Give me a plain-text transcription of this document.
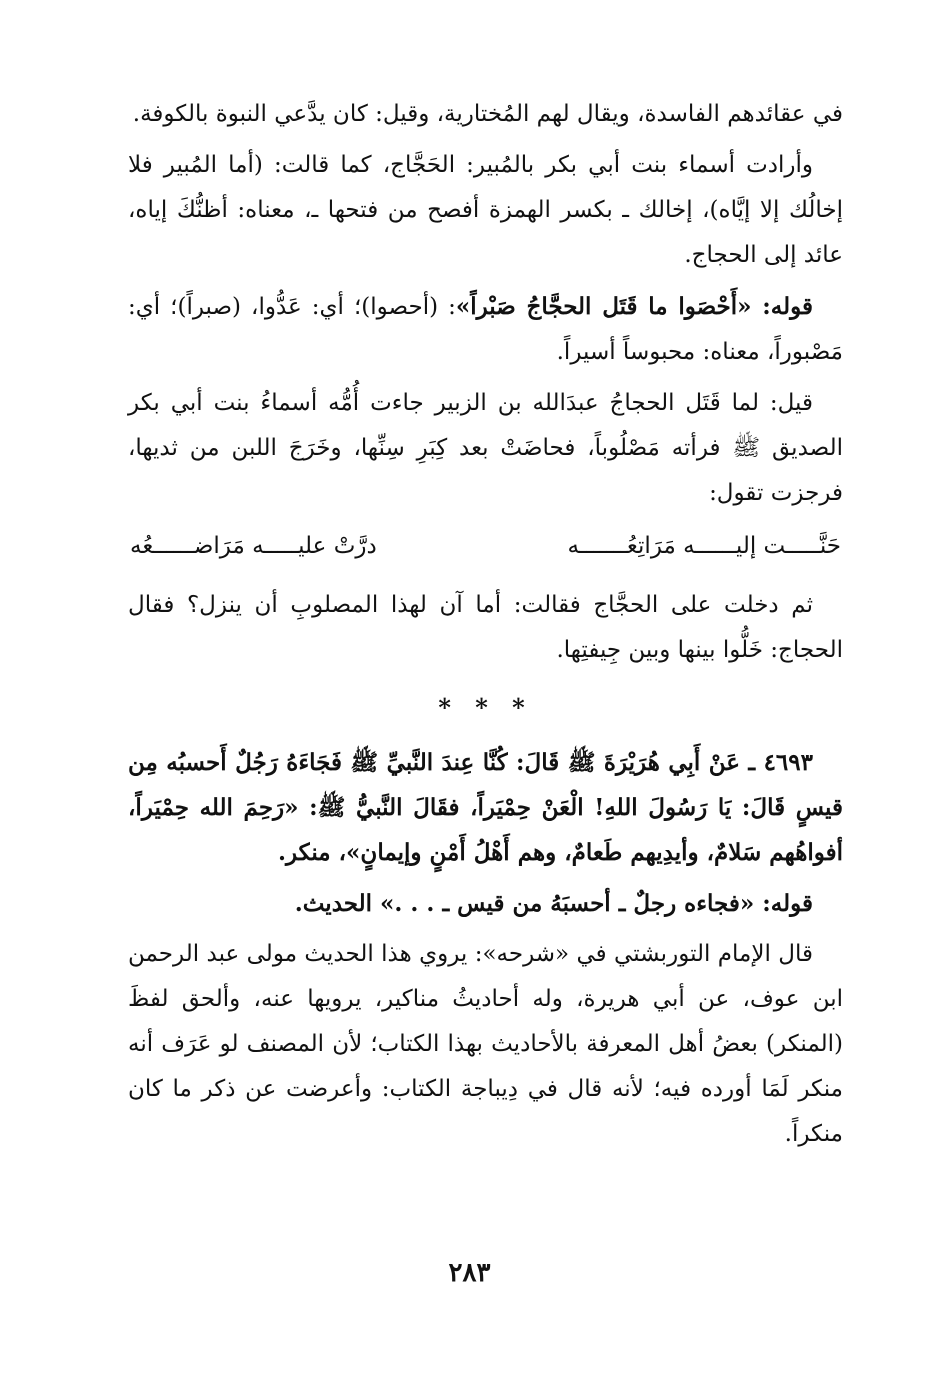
في عقائدهم الفاسدة، ويقال لهم المُختارية، وقيل: كان يدَّعي النبوة بالكوفة.

وأرادت أسماء بنت أبي بكر بالمُبير: الحَجَّاج، كما قالت: (أما المُبير فلا إخالُك إلا إيَّاه)، إخالك ـ بكسر الهمزة أفصح من فتحها ـ، معناه: أظنُّكَ إياه، عائد إلى الحجاج.

قوله: «أَحْصَوا ما قَتَل الحجَّاجُ صَبْراً»: (أحصوا)؛ أي: عَدُّوا، (صبراً)؛ أي: مَصْبوراً، معناه: محبوساً أسيراً.

قيل: لما قَتَل الحجاجُ عبدَالله بن الزبير جاءت أُمُّه أسماءُ بنت أبي بكر الصديق ﷺ فرأته مَصْلُوباً، فحاضَتْ بعد كِبَرِ سِنِّها، وخَرَجَ اللبن من ثديها، فرجزت تقول:

حَنَّـــــت إليــــــه مَرَاتِعُـــــــه
درَّتْ عليـــــه مَرَاضــــــعُه

ثم دخلت على الحجَّاج فقالت: أما آن لهذا المصلوبِ أن ينزل؟ فقال الحجاج: خَلُّوا بينها وبين جِيفتِها.

* * *

٤٦٩٣ ـ عَنْ أَبِي هُرَيْرَةَ ﷺ قَالَ: كُنَّا عِندَ النَّبيِّ ﷺ فَجَاءَهُ رَجُلٌ أَحسبُه مِن قيسٍ قَالَ: يَا رَسُولَ اللهِ! الْعَنْ حِمْيَراً، فقَالَ النَّبيُّ ﷺ: «رَحِمَ الله حِمْيَراً، أفواهُهم سَلامٌ، وأيدِيهم طَعامٌ، وهم أَهْلُ أَمْنٍ وإيمانٍ»، منكر.

قوله: «فجاءه رجلٌ ـ أحسبَهُ من قيس ـ . . .» الحديث.

قال الإمام التوربشتي في «شرحه»: يروي هذا الحديث مولى عبد الرحمن ابن عوف، عن أبي هريرة، وله أحاديثُ مناكير، يرويها عنه، وألحق لفظَ (المنكر) بعضُ أهل المعرفة بالأحاديث بهذا الكتاب؛ لأن المصنف لو عَرَف أنه منكر لَمَا أورده فيه؛ لأنه قال في دِيباجة الكتاب: وأعرضت عن ذكر ما كان منكراً.

٢٨٣
